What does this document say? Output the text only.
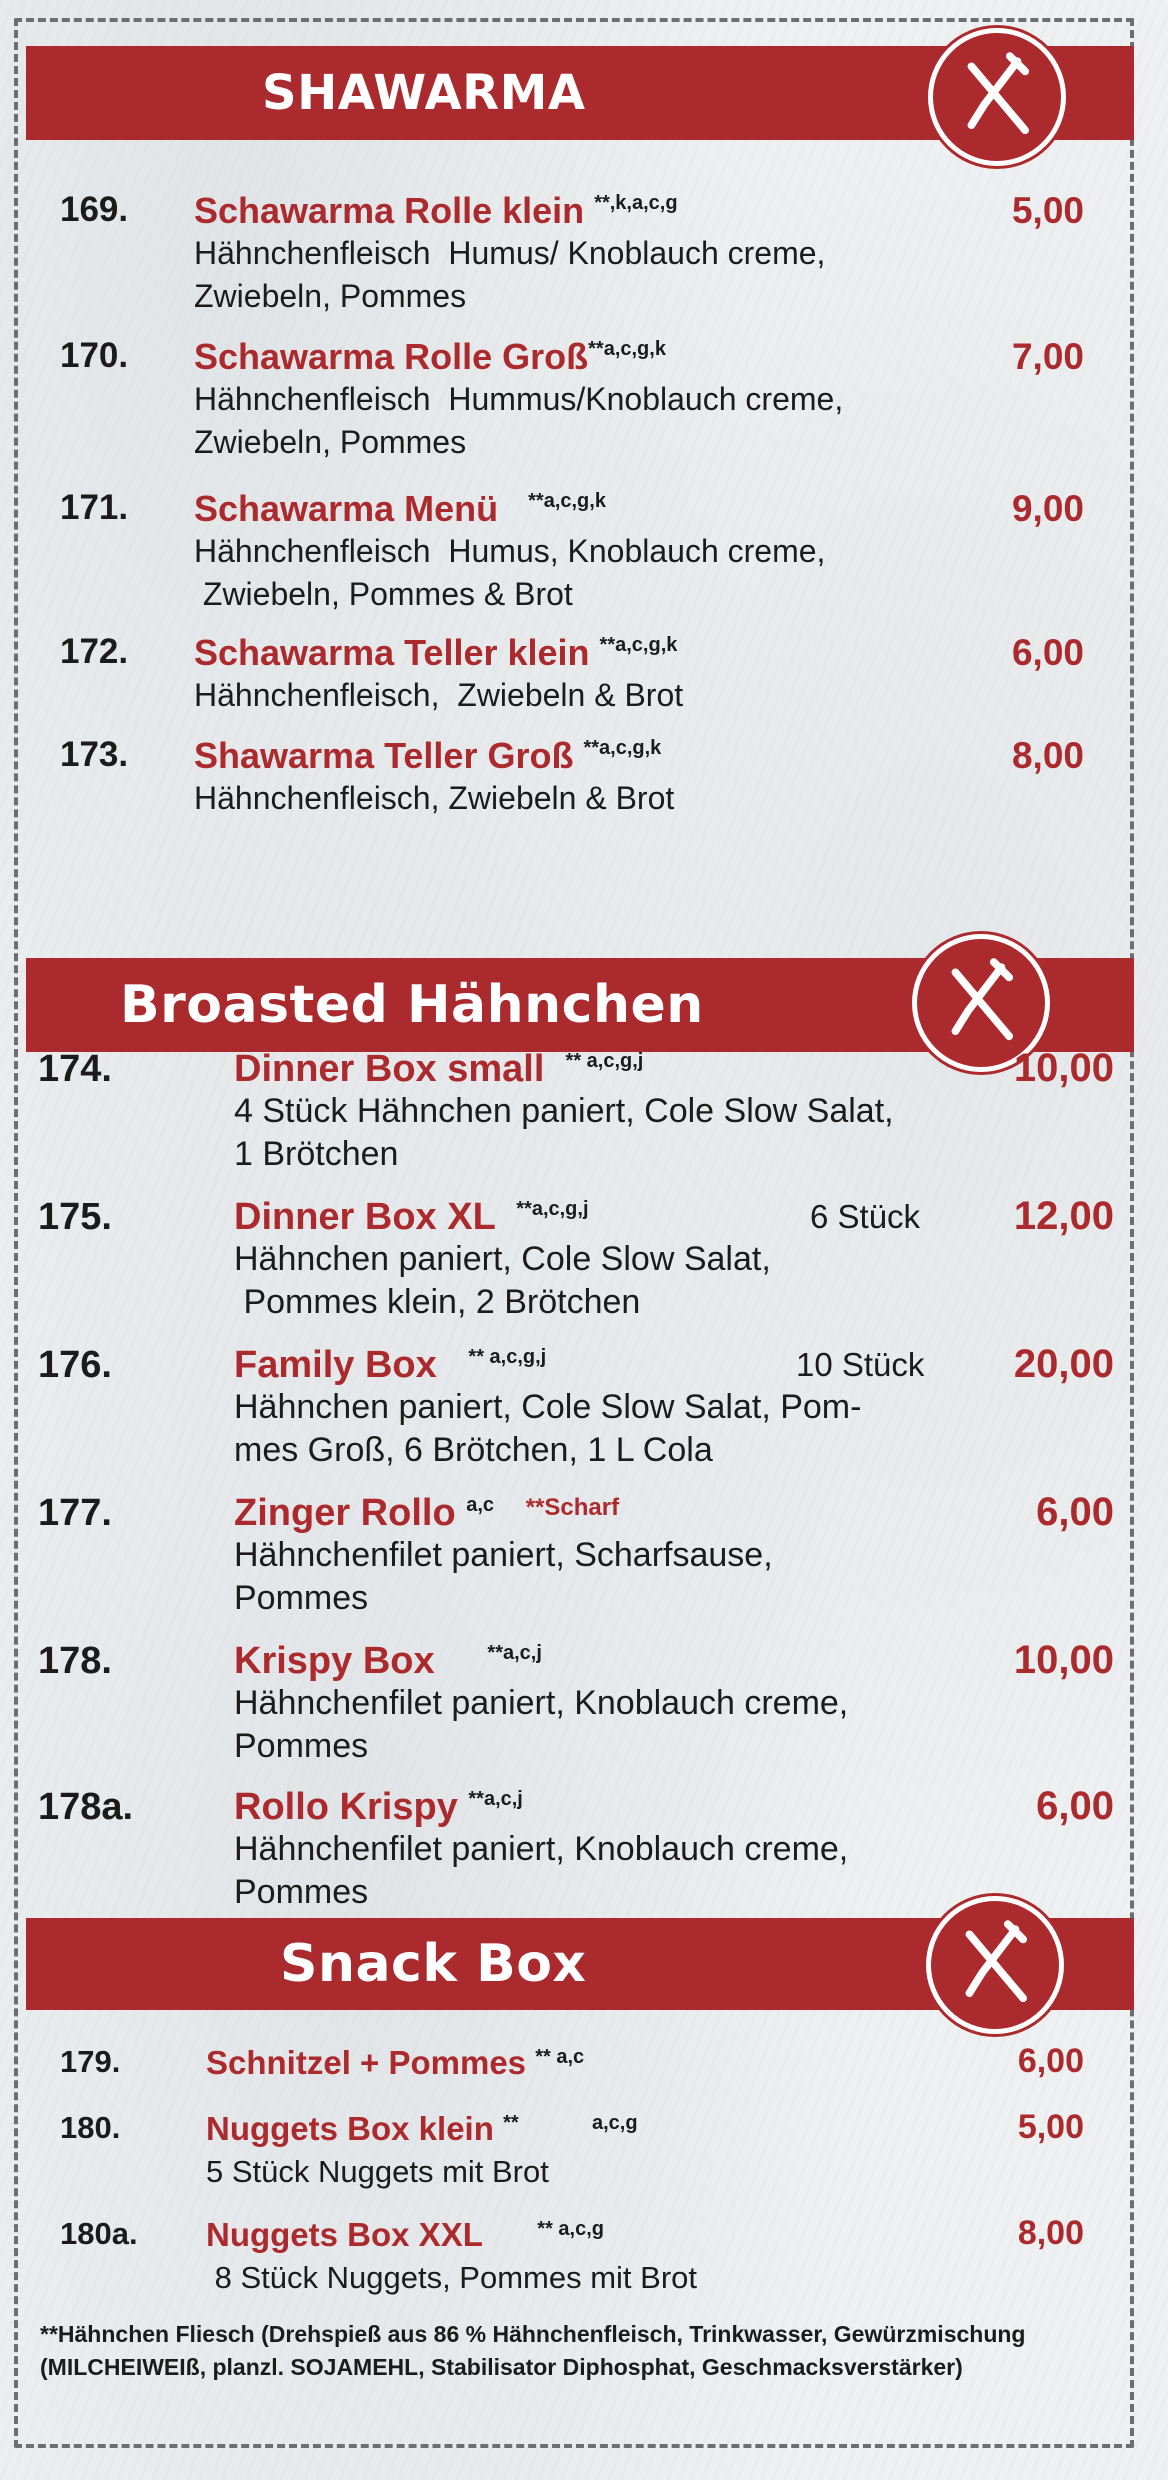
SHAWARMA
169. Schawarma Rolle klein $^{**,k,a,c,g}$	5,00
Hähnchenfleisch  Humus/ Knoblauch creme,
Zwiebeln, Pommes
170. Schawarma Rolle Groß$^{**a,c,g,k}$	7,00
Hähnchenfleisch  Hummus/Knoblauch creme,
Zwiebeln, Pommes
171. Schawarma Menü $^{**a,c,g,k}$	9,00
Hähnchenfleisch  Humus, Knoblauch creme,
Zwiebeln, Pommes & Brot
172. Schawarma Teller klein $^{**a,c,g,k}$	6,00
Hähnchenfleisch,  Zwiebeln & Brot
173. Shawarma Teller Groß $^{**a,c,g,k}$	8,00
Hähnchenfleisch, Zwiebeln & Brot
Broasted Hähnchen
174.	Dinner Box small $^{** a,c,g,j}$	10,00
4 Stück Hähnchen paniert, Cole Slow Salat,
1 Brötchen
175.	Dinner Box XL $^{**a,c,g,j}$	6 Stück	12,00
Hähnchen paniert, Cole Slow Salat,
Pommes klein, 2 Brötchen
176.	Family Box $^{** a,c,g,j}$	10 Stück	20,00
Hähnchen paniert, Cole Slow Salat, Pom-
mes Groß, 6 Brötchen, 1 L Cola
177.	Zinger Rollo $^{a,c}$ $^{**Scharf}$	6,00
Hähnchenfilet paniert, Scharfsause,
Pommes
178.	Krispy Box	$^{**a,c,j}$	10,00
Hähnchenfilet paniert, Knoblauch creme,
Pommes
178a.	Rollo Krispy $^{**a,c,j}$	6,00
Hähnchenfilet paniert, Knoblauch creme,
Pommes
Snack Box
179.	Schnitzel + Pommes $^{** a,c}$	6,00
180.	Nuggets Box klein **	$^{a,c,g}$	5,00
5 Stück Nuggets mit Brot
180a. Nuggets Box XXL	$^{** a,c,g}$	8,00
8 Stück Nuggets, Pommes mit Brot
**Hähnchen Fliesch (Drehspieß aus 86 % Hähnchenfleisch, Trinkwasser, Gewürzmischung (MILCHEIWEIß, planzl. SOJAMEHL, Stabilisator Diphosphat, Geschmacksverstärker)
